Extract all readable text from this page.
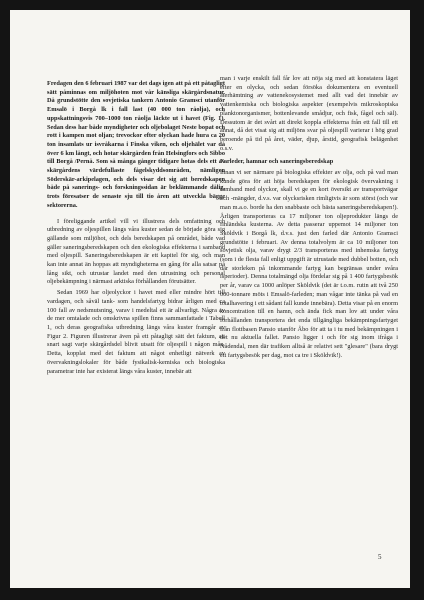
Fredagen den 6 februari 1987 var det dags igen att på ett påtagligt sätt påminnas om miljöhoten mot vår känsliga skärgårdsnatur. Då grundstötte den sovjetiska tankern Antonio Gramsci utanför Emsalö i Borgå lk i fall last (40 000 ton råolja), och uppskattningsvis 700–1000 ton råolja läckte ut i havet (Fig. 1). Sedan dess har både myndigheter och oljebolaget Neste bopat och rott i kampen mot oljan; trevockor efter olyckan hade hura ca 20 ton insamlats ur isvråkarna i Finska viken, och oljehälet var då över 6 km långt, och hotar skärgården från Helsingfors och Sibbo till Borgå /Pernå. Som så många gånger tidigare hotas dels ett av skärgårdens värdefullaste fågelskyddsområden, nämligen Söderskär-arkipelagen, och dels visar det sig att beredskapen både på sanerings- och forskningssidan är beklämmande dålig, trots föresatser de senaste sju till tio åren att utveckla bägge sektorerna.

I föreliggande artikel vill vi illustrera dels omfattning och utbredning av oljespillen längs våra kuster sedan de började göra sig gällande som miljöhot, och dels beredskapen på området, både vad gäller saneringsberedskapen och den ekologiska effekterna i samband med oljespill. Saneringsberedskapen är ett kapitel för sig, och man kan inte annat än hoppas att myndigheterna en gång för alla satsar på lång sikt, och utrustar landet med den utrustning och personal oljebekämpning i närmast arktiska förhållanden förutsätter.

Sedan 1969 har oljeolyckor i havet med eller mindre hört till vardagen, och såväl tank- som handelsfartyg bidrar årligen med ca 100 fall av nedsmutsning, varav i medeltal ett är allvarligt. Några av de mer omtalade och omskrivna spillen finns sammanfattade i Tabell 1, och deras geografiska utbredning längs våra kuster framgår av Figur 2. Figuren illustrerar även på ett påtagligt sätt det faktum, att snart sagt varje skärgårdsdel blivit utsatt för oljespill i någon mån. Detta, kopplat med det faktum att något enhetligt nätverk av övervakningslokaler för både fysikalisk-kemiska och biologiska parametrar inte har existerat längs våra kuster, innebär att

man i varje enskilt fall får lov att nöja sig med att konstatera läget efter en olycka, och sedan försöka dokumentera en eventuell återhämtning av vattenekosystemet med allt vad det innebär av vattenkemiska och biologiska aspekter (exempelvis mikroskopiska planktonorganismer, bottenlevande smådjur, och fisk, fågel och säl). Dessutom är det svårt att direkt koppla effekterna från ett fall till ett annat, då det visat sig att miljöns svar på oljespill varierar i hög grad beroende på tid på året, väder, djup, årstid, geografisk belägenhet o.s.v.

Farleder, hamnar och saneringsberedskap

Innan vi ser närmare på biologiska effekter av olja, och på vad man kunde göra för att höja beredskapen för ekologisk övervakning i samband med olyckor, skall vi ge en kort översikt av transportvägar och -mängder, d.v.s. var olycksrisken rimligtvis är som störst (och var man m.a.o. borde ha den snabbaste och bästa saneringsberedskapen!). Årligen transporteras ca 17 miljoner ton oljeprodukter längs de finländska kusterna. Av detta passerar uppemot 14 miljoner ton Sköldvik i Borgå lk, d.v.s. just den farled där Antonio Gramsci grundstötte i februari. Av denna totalvolym är ca 10 miljoner ton sovjetisk olja, varav drygt 2/3 transporteras med inhemska fartyg (som i de flesta fall enligt uppgift är utrustade med dubbel botten, och där storleken på inkommande fartyg kan begränsas under svåra isperioder). Denna totalmängd olja fördelar sig på 1 400 fartygsbesök per år, varav ca 1000 anlöper Sköldvik (det är t.o.m. rutin att två 250 000-tonnare möts i Emsalö-farleden; man vågar inte tänka på vad en totalhavering i ett sådant fall kunde innebära). Detta visar på en enorm koncentration till en hamn, och ända fick man lov att under våra förhållanden transportera det enda tillgängliga bekämpningsfartyget från flottbasen Pansio utanför Åbo för att ta i tu med bekämpningen i det nu aktuella fallet. Pansio ligger i och för sig inom ifråga i Nådendal, men där trafiken alltså är relativt sett "glesare" (bara drygt ett fartygsbesök per dag, mot ca tre i Sköldvik!).

5
